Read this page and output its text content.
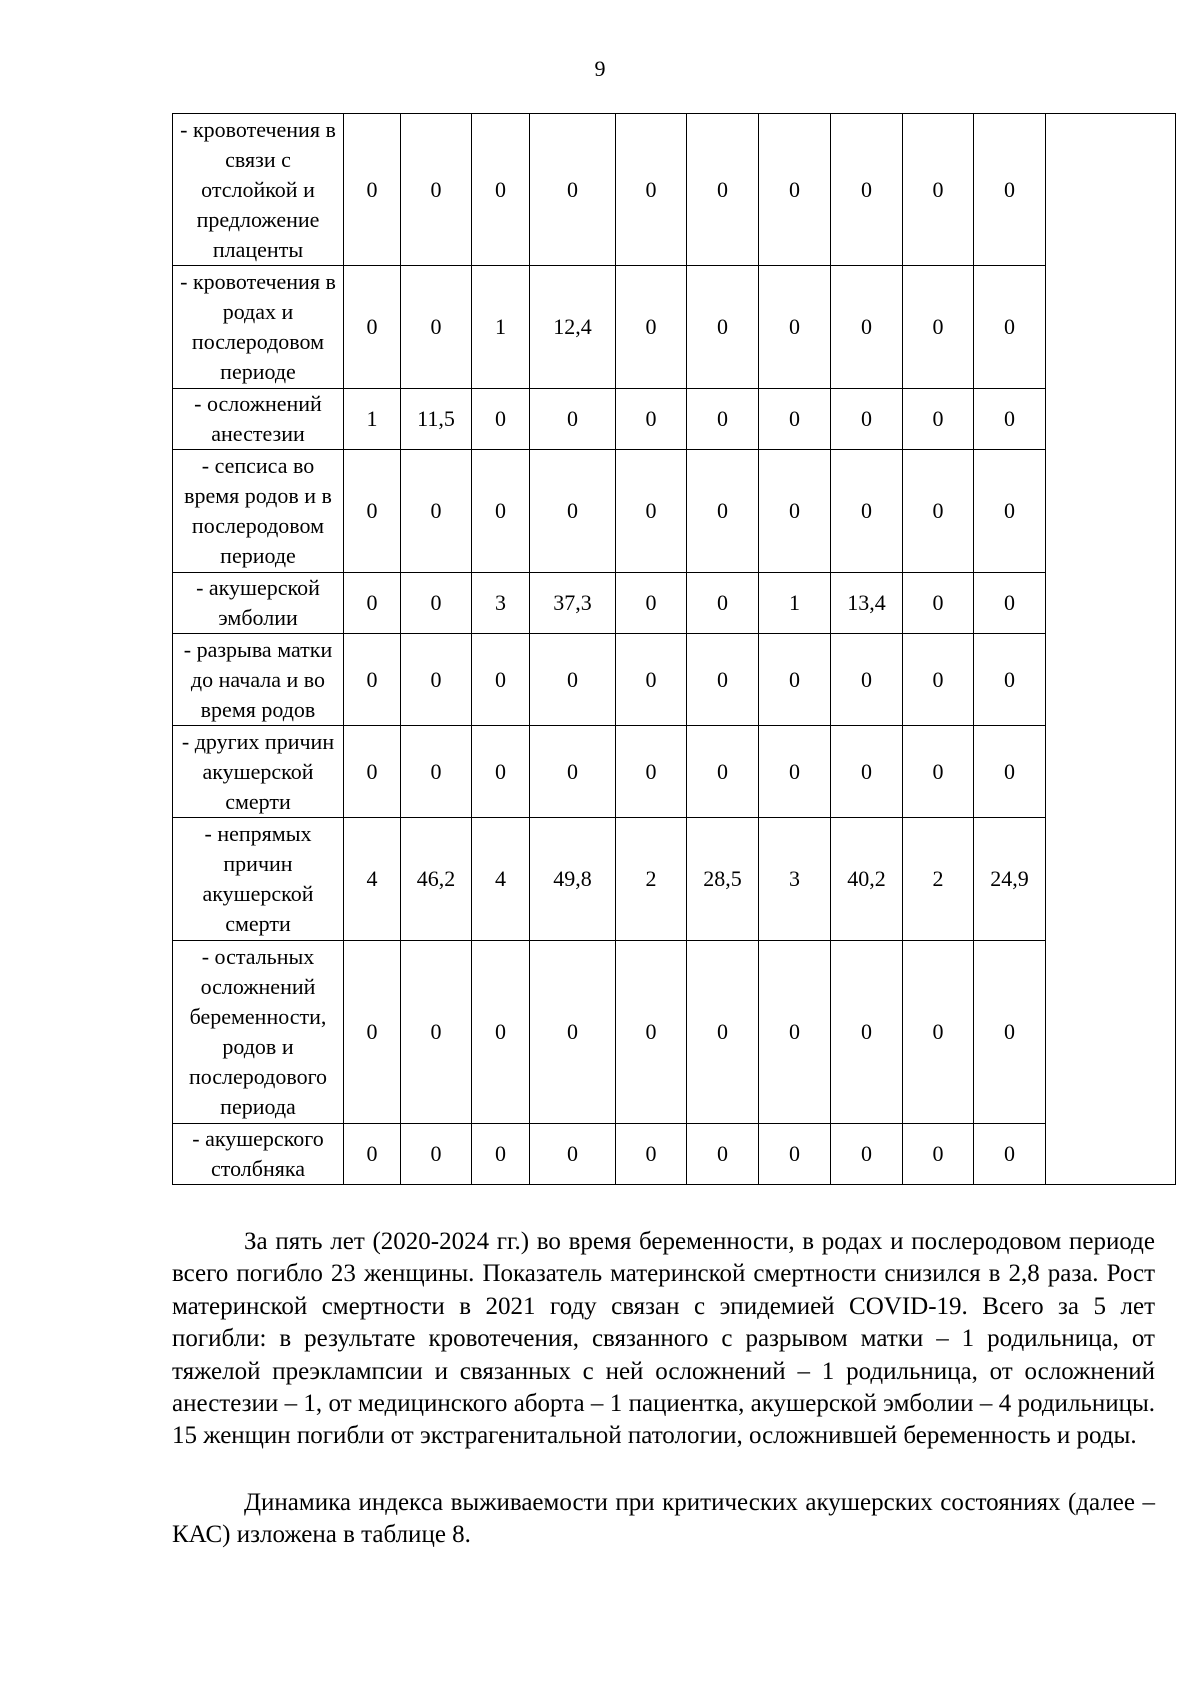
9
- кровотечения в связи с отслойкой и предложение плаценты	0	0	0	0	0	0	0	0	0	0	
- кровотечения в родах и послеродовом периоде	0	0	1	12,4	0	0	0	0	0	0	
- осложнений анестезии	1	11,5	0	0	0	0	0	0	0	0	
- сепсиса во время родов и в послеродовом периоде	0	0	0	0	0	0	0	0	0	0	
- акушерской эмболии	0	0	3	37,3	0	0	1	13,4	0	0	
- разрыва матки до начала и во время родов	0	0	0	0	0	0	0	0	0	0	
- других причин акушерской смерти	0	0	0	0	0	0	0	0	0	0	
- непрямых причин акушерской смерти	4	46,2	4	49,8	2	28,5	3	40,2	2	24,9	
- остальных осложнений беременности, родов и послеродового периода	0	0	0	0	0	0	0	0	0	0	
- акушерского столбняка	0	0	0	0	0	0	0	0	0	0	

За пять лет (2020-2024 гг.) во время беременности, в родах и послеродовом периоде всего погибло 23 женщины. Показатель материнской смертности снизился в 2,8 раза. Рост материнской смертности в 2021 году связан с эпидемией COVID-19. Всего за 5 лет погибли: в результате кровотечения, связанного с разрывом матки – 1 родильница, от тяжелой преэклампсии и связанных с ней осложнений – 1 родильница, от осложнений анестезии – 1, от медицинского аборта – 1 пациентка, акушерской эмболии – 4 родильницы. 15 женщин погибли от экстрагенитальной патологии, осложнившей беременность и роды.

Динамика индекса выживаемости при критических акушерских состояниях (далее – КАС) изложена в таблице 8.
